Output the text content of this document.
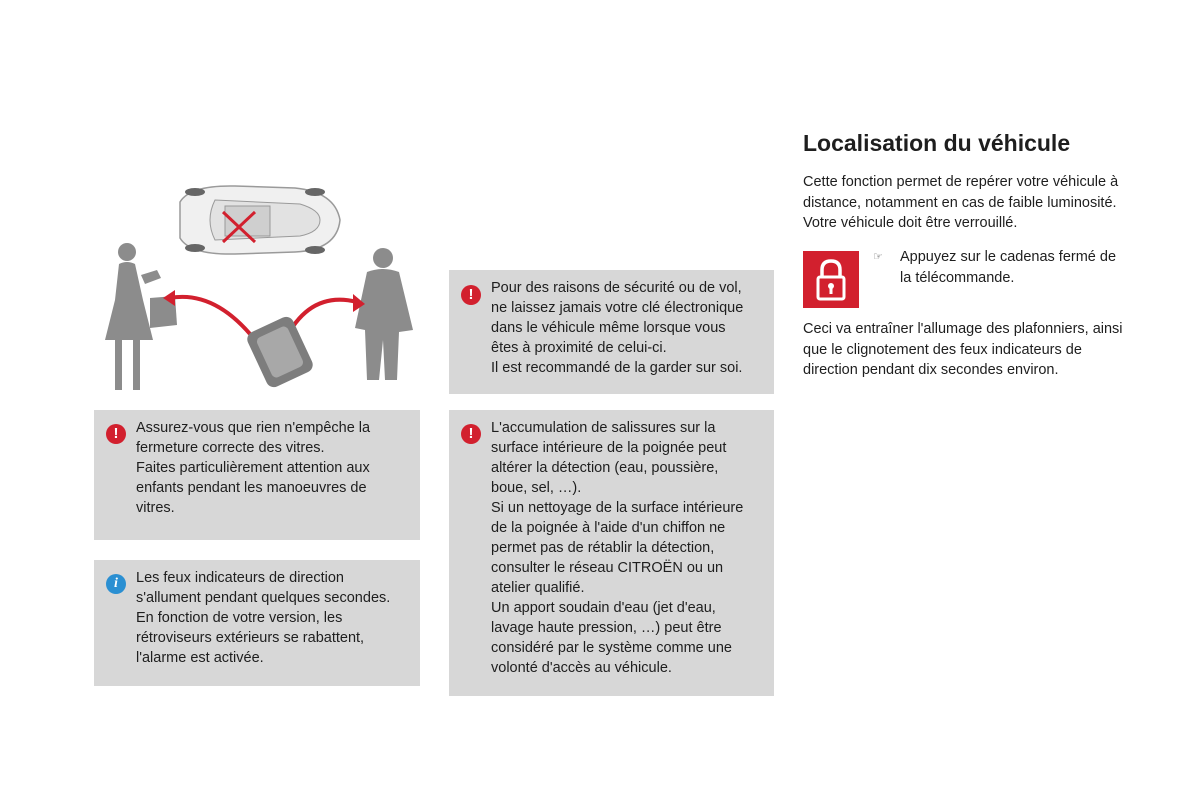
Localisation du véhicule

Cette fonction permet de repérer votre véhicule à distance, notamment en cas de faible luminosité. Votre véhicule doit être verrouillé.

☞ Appuyez sur le cadenas fermé de la télécommande.

Ceci va entraîner l'allumage des plafonniers, ainsi que le clignotement des feux indicateurs de direction pendant dix secondes environ.

!	Pour des raisons de sécurité ou de vol,

ne laissez jamais votre clé électronique

dans le véhicule même lorsque vous

êtes à proximité de celui-ci.

Il est recommandé de la garder sur soi.

!	Assurez-vous que rien n'empêche la

fermeture correcte des vitres.

Faites particulièrement attention aux

enfants pendant les manoeuvres de

vitres.

!	L'accumulation de salissures sur la

surface intérieure de la poignée peut

altérer la détection (eau, poussière,

boue, sel, …).

Si un nettoyage de la surface intérieure

de la poignée à l'aide d'un chiffon ne

permet pas de rétablir la détection,

consulter le réseau CITROËN ou un

atelier qualifié.

Un apport soudain d'eau (jet d'eau,

lavage haute pression, …) peut être

considéré par le système comme une

volonté d'accès au véhicule.

i	Les feux indicateurs de direction

s'allument pendant quelques secondes.

En fonction de votre version, les

rétroviseurs extérieurs se rabattent,

l'alarme est activée.
